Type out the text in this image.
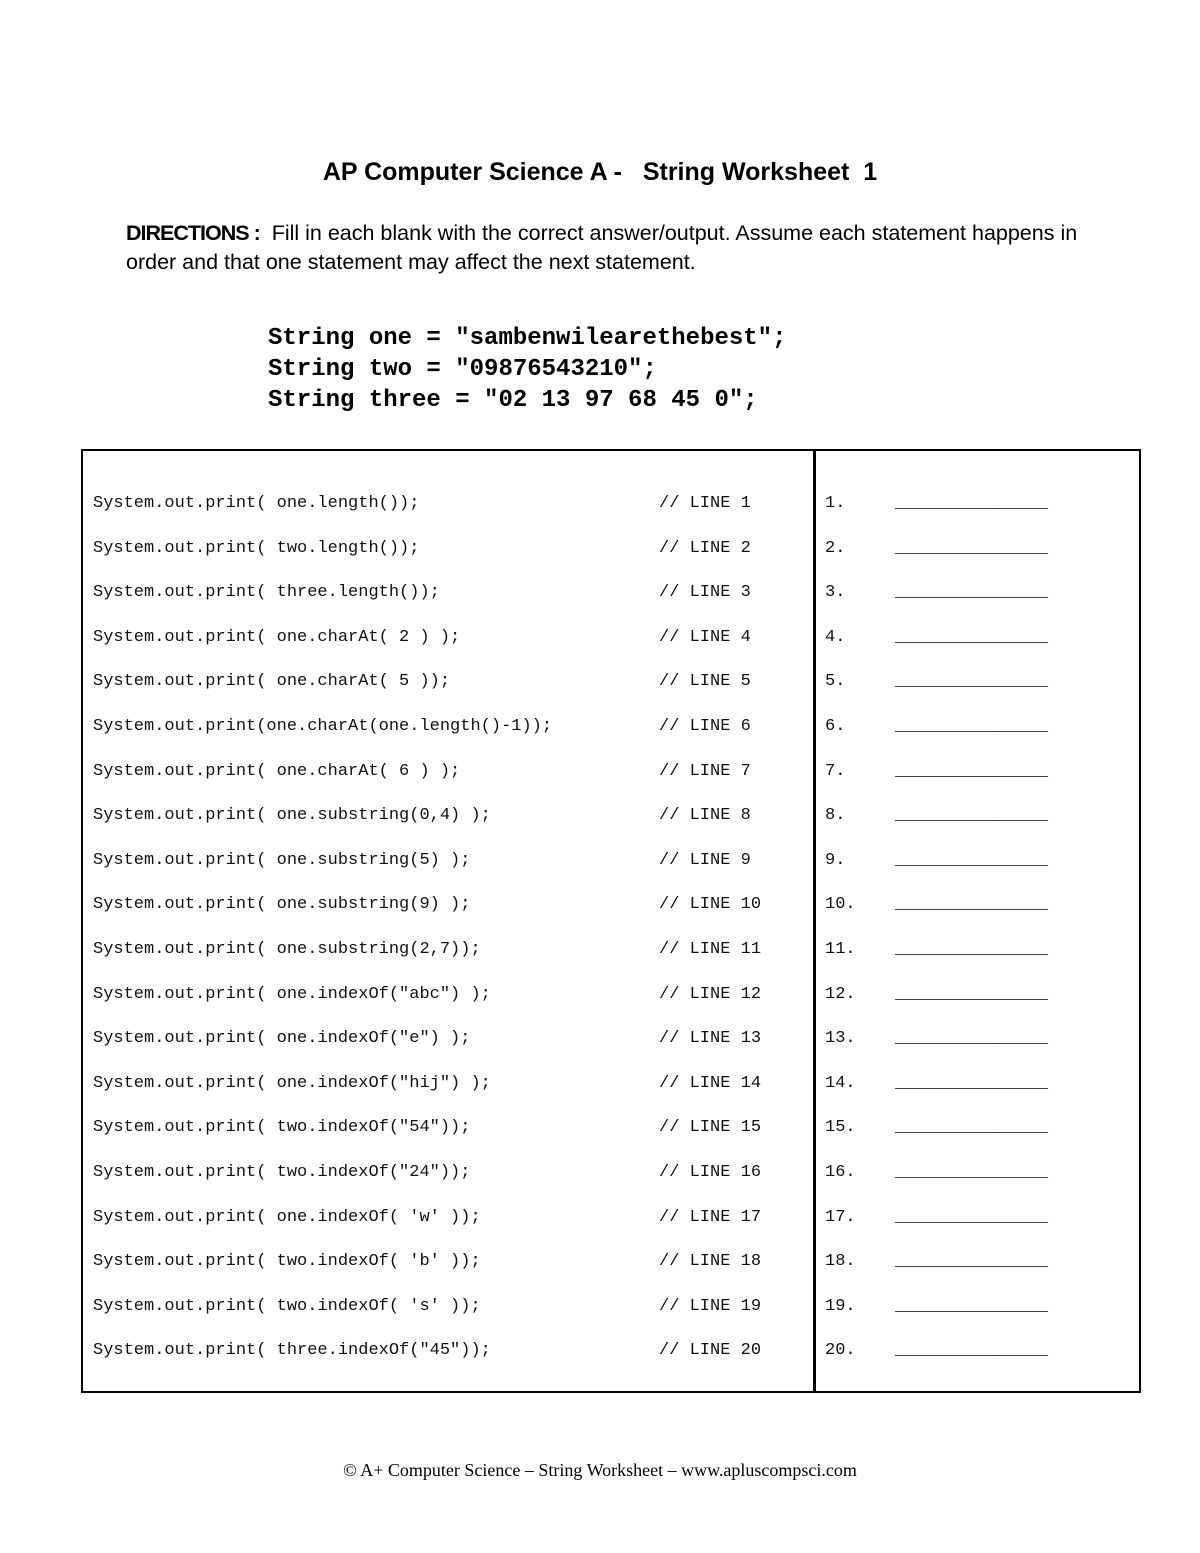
AP Computer Science A -   String Worksheet  1

DIRECTIONS : Fill in each blank with the correct answer/output. Assume each statement happens in order and that one statement may affect the next statement.

String one = "sambenwilearethebest";
String two = "09876543210";
String three = "02 13 97 68 45 0";
System.out.print( one.length());	// LINE 1	1.	_______________
System.out.print( two.length());	// LINE 2	2.	_______________
System.out.print( three.length());	// LINE 3	3.	_______________
System.out.print( one.charAt( 2 ) );	// LINE 4	4.	_______________
System.out.print( one.charAt( 5 ));	// LINE 5	5.	_______________
System.out.print(one.charAt(one.length()-1));	// LINE 6	6.	_______________
System.out.print( one.charAt( 6 ) );	// LINE 7	7.	_______________
System.out.print( one.substring(0,4) );	// LINE 8	8.	_______________
System.out.print( one.substring(5) );	// LINE 9	9.	_______________
System.out.print( one.substring(9) );	// LINE 10	10. _______________
System.out.print( one.substring(2,7));	// LINE 11	11. _______________
System.out.print( one.indexOf("abc") );	// LINE 12	12. _______________
System.out.print( one.indexOf("e") );	// LINE 13	13. _______________
System.out.print( one.indexOf("hij") );	// LINE 14	14. _______________
System.out.print( two.indexOf("54"));	// LINE 15	15. _______________
System.out.print( two.indexOf("24"));	// LINE 16	16. _______________
System.out.print( one.indexOf( 'w' ));	// LINE 17	17. _______________
System.out.print( two.indexOf( 'b' ));	// LINE 18	18. _______________
System.out.print( two.indexOf( 's' ));	// LINE 19	19. _______________
System.out.print( three.indexOf("45"));	// LINE 20	20. _______________

© A+ Computer Science – String Worksheet – www.apluscompsci.com
